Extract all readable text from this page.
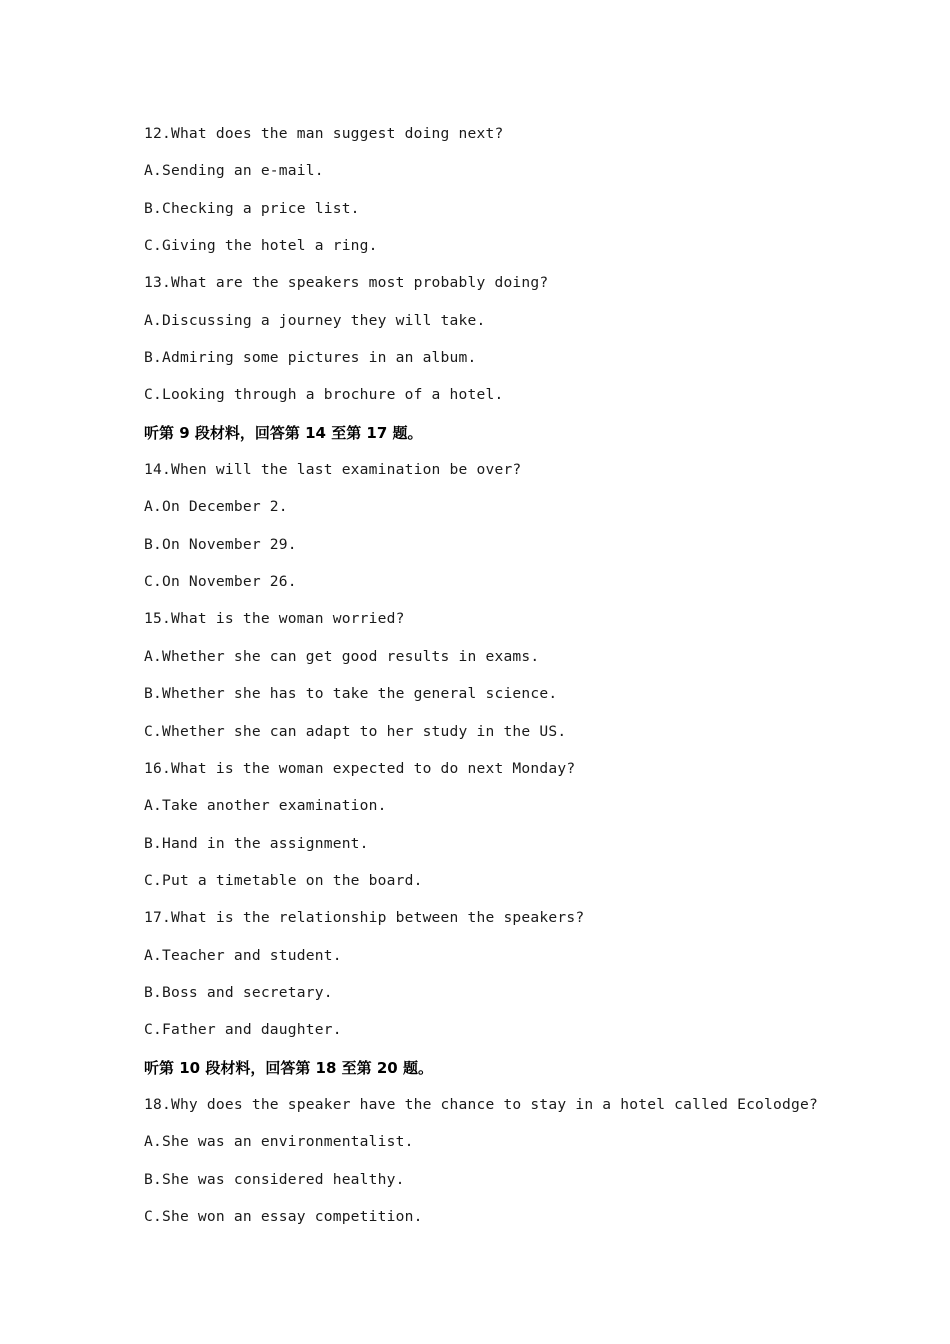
12.What does the man suggest doing next?
A.Sending an e-mail.
B.Checking a price list.
C.Giving the hotel a ring.
13.What are the speakers most probably doing?
A.Discussing a journey they will take.
B.Admiring some pictures in an album.
C.Looking through a brochure of a hotel.
听第 9 段材料，回答第 14 至第 17 题。
14.When will the last examination be over?
A.On December 2.
B.On November 29.
C.On November 26.
15.What is the woman worried?
A.Whether she can get good results in exams.
B.Whether she has to take the general science.
C.Whether she can adapt to her study in the US.
16.What is the woman expected to do next Monday?
A.Take another examination.
B.Hand in the assignment.
C.Put a timetable on the board.
17.What is the relationship between the speakers?
A.Teacher and student.
B.Boss and secretary.
C.Father and daughter.
听第 10 段材料，回答第 18 至第 20 题。
18.Why does the speaker have the chance to stay in a hotel called Ecolodge?
A.She was an environmentalist.
B.She was considered healthy.
C.She won an essay competition.
